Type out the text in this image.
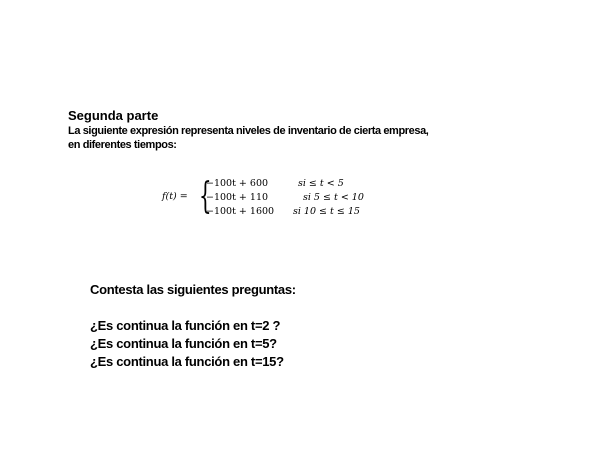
Segunda parte
La siguiente expresión representa niveles de inventario de cierta empresa,
en diferentes tiempos:
f(t) = {
−100t + 600	si ≤ t < 5
−100t + 110	si 5 ≤ t < 10
−100t + 1600 si 10 ≤ t ≤ 15
Contesta las siguientes preguntas:
¿Es continua la función en t=2 ?
¿Es continua la función en t=5?
¿Es continua la función en t=15?
